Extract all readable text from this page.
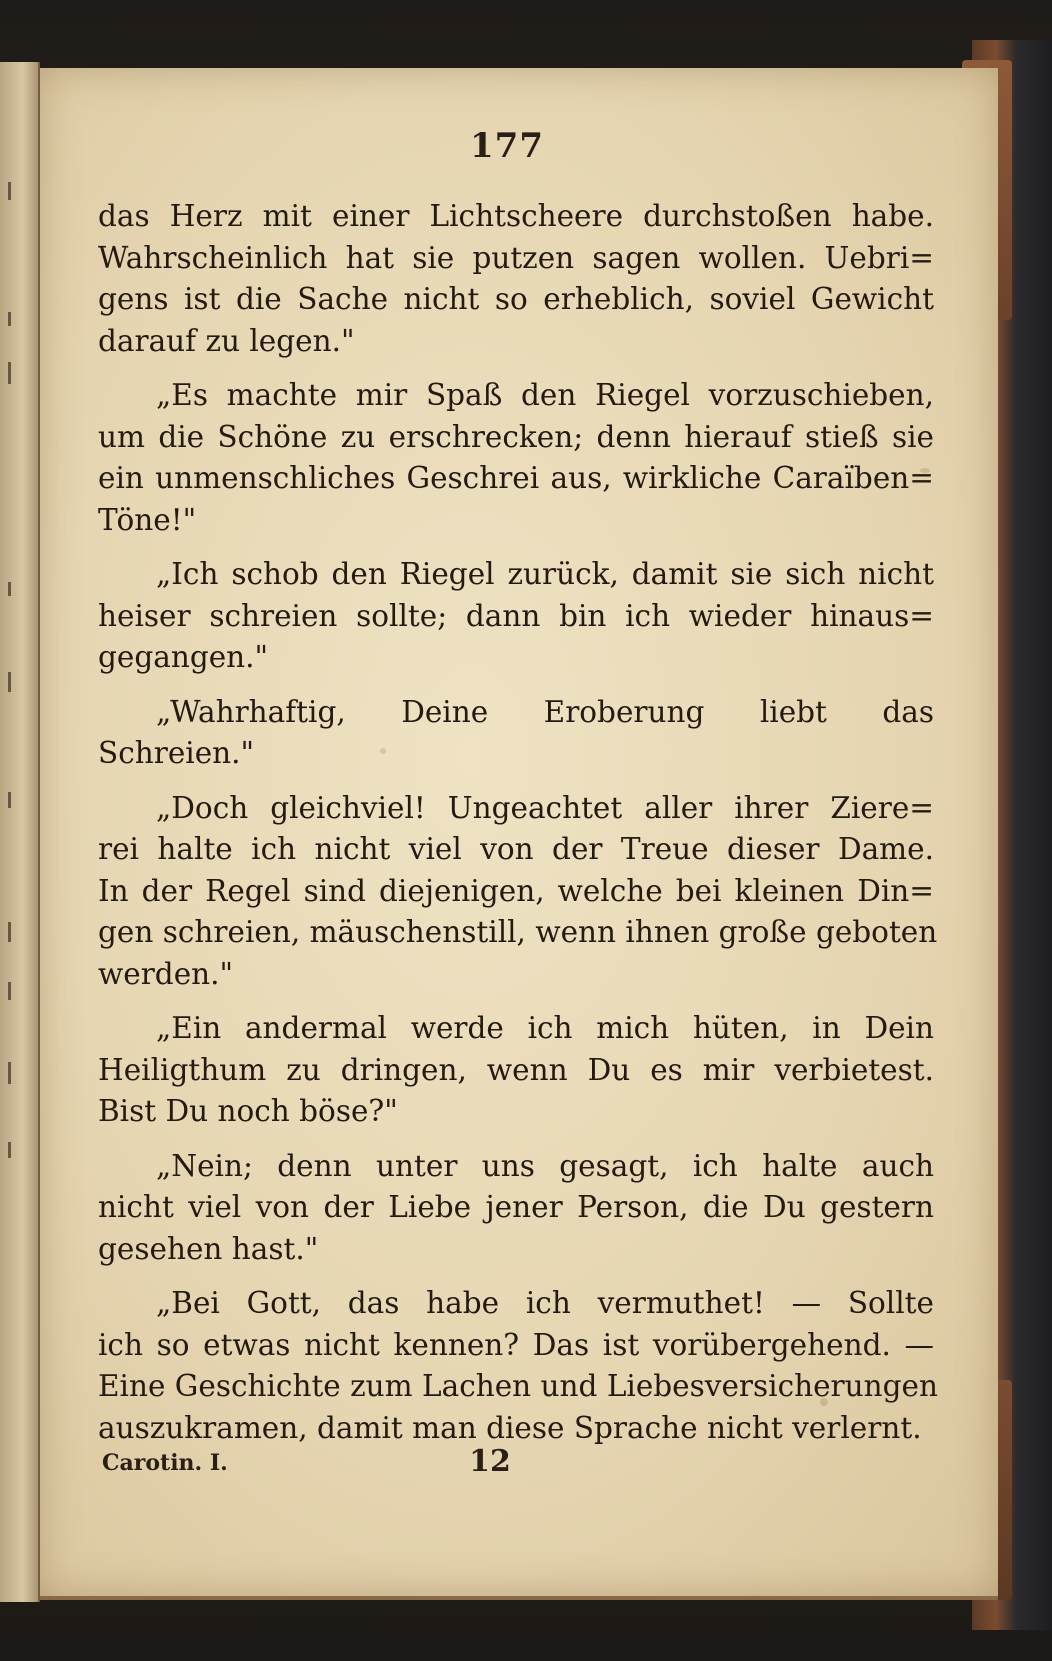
177
das Herz mit einer Lichtscheere durchstoßen habe.
Wahrscheinlich hat sie putzen sagen wollen. Uebri=
gens ist die Sache nicht so erheblich, soviel Gewicht
darauf zu legen."
„Es machte mir Spaß den Riegel vorzuschieben,
um die Schöne zu erschrecken; denn hierauf stieß sie
ein unmenschliches Geschrei aus, wirkliche Caraïben=
Töne!"
„Ich schob den Riegel zurück, damit sie sich nicht
heiser schreien sollte; dann bin ich wieder hinaus=
gegangen."
„Wahrhaftig, Deine Eroberung liebt das
Schreien."
„Doch gleichviel! Ungeachtet aller ihrer Ziere=
rei halte ich nicht viel von der Treue dieser Dame.
In der Regel sind diejenigen, welche bei kleinen Din=
gen schreien, mäuschenstill, wenn ihnen große geboten
werden."
„Ein andermal werde ich mich hüten, in Dein
Heiligthum zu dringen, wenn Du es mir verbietest.
Bist Du noch böse?"
„Nein; denn unter uns gesagt, ich halte auch
nicht viel von der Liebe jener Person, die Du gestern
gesehen hast."
„Bei Gott, das habe ich vermuthet! — Sollte
ich so etwas nicht kennen? Das ist vorübergehend. —
Eine Geschichte zum Lachen und Liebesversicherungen
auszukramen, damit man diese Sprache nicht verlernt.
Carotin. I.	12
